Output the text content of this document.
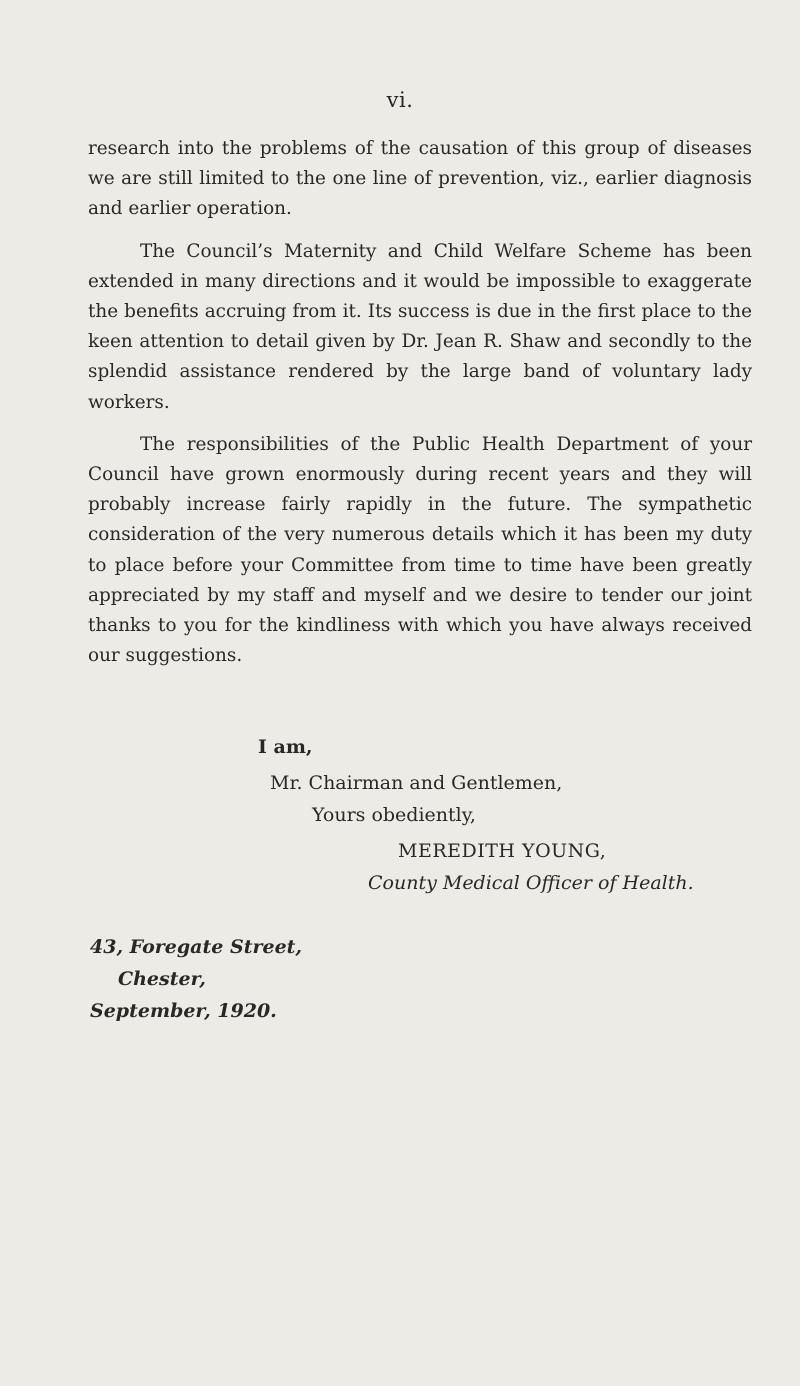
vi.

research into the problems of the causation of this group of diseases we are still limited to the one line of prevention, viz., earlier diagnosis and earlier operation.

The Council’s Maternity and Child Welfare Scheme has been extended in many directions and it would be impossible to exaggerate the benefits accruing from it. Its success is due in the first place to the keen attention to detail given by Dr. Jean R. Shaw and secondly to the splendid assistance rendered by the large band of voluntary lady workers.

The responsibilities of the Public Health Department of your Council have grown enormously during recent years and they will probably increase fairly rapidly in the future. The sympathetic consideration of the very numerous details which it has been my duty to place before your Committee from time to time have been greatly appreciated by my staff and myself and we desire to tender our joint thanks to you for the kindliness with which you have always received our suggestions.

I am,
Mr. Chairman and Gentlemen,
Yours obediently,
MEREDITH YOUNG,
County Medical Officer of Health.
43, Foregate Street,
Chester,
September, 1920.
